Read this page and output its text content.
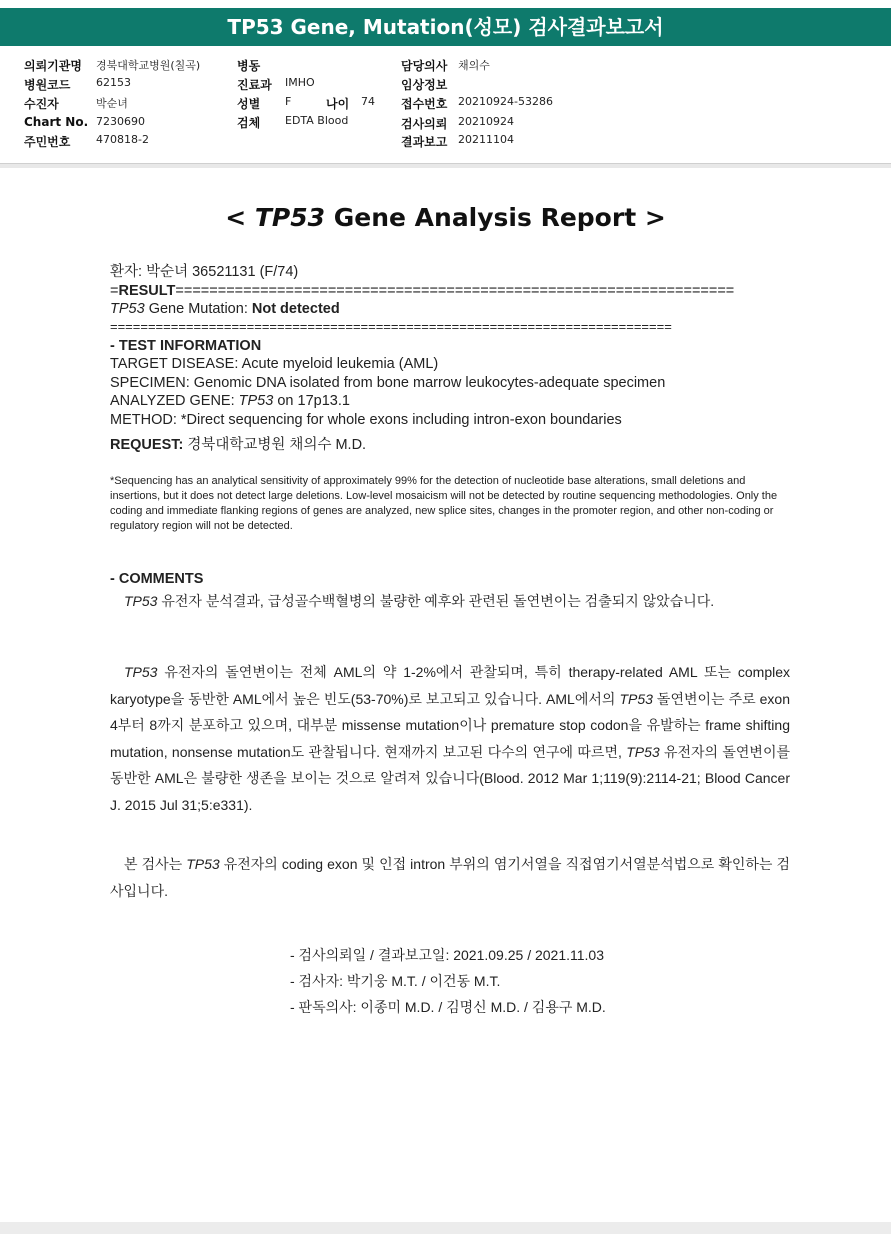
TP53 Gene, Mutation(성모) 검사결과보고서
의뢰기관명 경북대학교병원(칠곡)
병원코드 62153
수진자	박순녀
Chart No. 7230690
주민번호 470818-2
병동
진료과 IMHO
성별 F	나이 74
검체 EDTA Blood
담당의사 채의수
임상정보
접수번호 20210924-53286
검사의뢰 20210924
결과보고 20211104
< TP53 Gene Analysis Report >
환자: 박순녀 36521131 (F/74)
=RESULT==================================================================
TP53 Gene Mutation: Not detected
==========================================================================
- TEST INFORMATION
TARGET DISEASE: Acute myeloid leukemia (AML)
SPECIMEN: Genomic DNA isolated from bone marrow leukocytes-adequate specimen
ANALYZED GENE: TP53 on 17p13.1
METHOD: *Direct sequencing for whole exons including intron-exon boundaries
REQUEST: 경북대학교병원 채의수 M.D.
*Sequencing has an analytical sensitivity of approximately 99% for the detection of nucleotide base alterations, small deletions and insertions, but it does not detect large deletions. Low-level mosaicism will not be detected by routine sequencing methodologies. Only the coding and immediate flanking regions of genes are analyzed, new splice sites, changes in the promoter region, and other non-coding or regulatory region will not be detected.
- COMMENTS
TP53 유전자 분석결과, 급성골수백혈병의 불량한 예후와 관련된 돌연변이는 검출되지 않았습니다.
TP53 유전자의 돌연변이는 전체 AML의 약 1-2%에서 관찰되며, 특히 therapy-related AML 또는 complex karyotype을 동반한 AML에서 높은 빈도(53-70%)로 보고되고 있습니다. AML에서의 TP53 돌연변이는 주로 exon 4부터 8까지 분포하고 있으며, 대부분 missense mutation이나 premature stop codon을 유발하는 frame shifting mutation, nonsense mutation도 관찰됩니다. 현재까지 보고된 다수의 연구에 따르면, TP53 유전자의 돌연변이를 동반한 AML은 불량한 생존을 보이는 것으로 알려져 있습니다(Blood. 2012 Mar 1;119(9):2114-21; Blood Cancer J. 2015 Jul 31;5:e331).
본 검사는 TP53 유전자의 coding exon 및 인접 intron 부위의 염기서열을 직접염기서열분석법으로 확인하는 검사입니다.
- 검사의뢰일 / 결과보고일: 2021.09.25 / 2021.11.03
- 검사자: 박기웅 M.T. / 이건동 M.T.
- 판독의사: 이종미 M.D. / 김명신 M.D. / 김용구 M.D.
